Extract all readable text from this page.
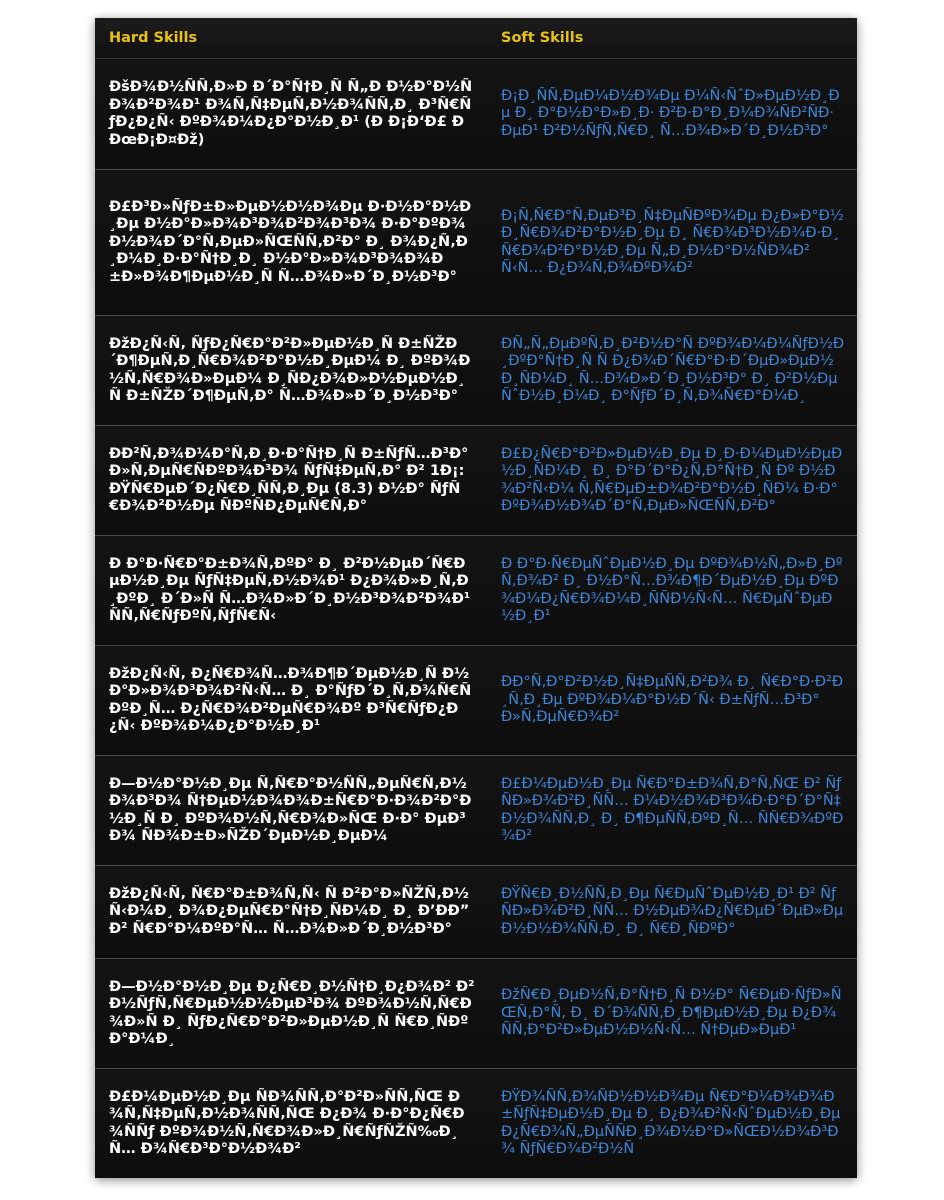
Hard Skills	Soft Skills
ÐšÐ¾Ð½ÑÑ‚Ð»Ð Ð´Ð°Ñ†Ð¸Ñ Ñ„Ð Ð½Ð°Ð½ÑÐ¾Ð²Ð¾Ð¹ Ð¾Ñ‚Ñ‡ÐµÑ‚Ð½Ð¾ÑÑ‚Ð¸ Ð³Ñ€ÑƒÐ¿Ð¿Ñ‹ ÐºÐ¾Ð¼Ð¿Ð°Ð½Ð¸Ð¹ (Ð Ð¡Ð‘Ð£ Ð ÐœÐ¡Ð¤Ðž)	Ð¡Ð¸ÑÑ‚ÐµÐ¼Ð½Ð¾Ðµ Ð¼Ñ‹ÑˆÐ»ÐµÐ½Ð¸Ðµ Ð¸ Ð°Ð½Ð°Ð»Ð¸Ð· Ð²Ð·Ð°Ð¸Ð¼Ð¾ÑÐ²ÑÐ·ÐµÐ¹ Ð²Ð½ÑƒÑ‚Ñ€Ð¸ Ñ…Ð¾Ð»Ð´Ð¸Ð½Ð³Ð°
Ð£Ð³Ð»ÑƒÐ±Ð»ÐµÐ½Ð½Ð¾Ðµ Ð·Ð½Ð°Ð½Ð¸Ðµ Ð½Ð°Ð»Ð¾Ð³Ð¾Ð²Ð¾Ð³Ð¾ Ð·Ð°ÐºÐ¾Ð½Ð¾Ð´Ð°Ñ‚ÐµÐ»ÑŒÑÑ‚Ð²Ð° Ð¸ Ð¾Ð¿Ñ‚Ð¸Ð¼Ð¸Ð·Ð°Ñ†Ð¸Ð¸ Ð½Ð°Ð»Ð¾Ð³Ð¾Ð¾Ð±Ð»Ð¾Ð¶ÐµÐ½Ð¸Ñ Ñ…Ð¾Ð»Ð´Ð¸Ð½Ð³Ð°	Ð¡Ñ‚Ñ€Ð°Ñ‚ÐµÐ³Ð¸Ñ‡ÐµÑÐºÐ¾Ðµ Ð¿Ð»Ð°Ð½Ð¸Ñ€Ð¾Ð²Ð°Ð½Ð¸Ðµ Ð¸ Ñ€Ð¾Ð³Ð½Ð¾Ð·Ð¸Ñ€Ð¾Ð²Ð°Ð½Ð¸Ðµ Ñ„Ð¸Ð½Ð°Ð½ÑÐ¾Ð²Ñ‹Ñ… Ð¿Ð¾Ñ‚Ð¾ÐºÐ¾Ð²
ÐžÐ¿Ñ‹Ñ‚ ÑƒÐ¿Ñ€Ð°Ð²Ð»ÐµÐ½Ð¸Ñ Ð±ÑŽÐ´Ð¶ÐµÑ‚Ð¸Ñ€Ð¾Ð²Ð°Ð½Ð¸ÐµÐ¼ Ð¸ ÐºÐ¾Ð½Ñ‚Ñ€Ð¾Ð»ÐµÐ¼ Ð¸ÑÐ¿Ð¾Ð»Ð½ÐµÐ½Ð¸Ñ Ð±ÑŽÐ´Ð¶ÐµÑ‚Ð° Ñ…Ð¾Ð»Ð´Ð¸Ð½Ð³Ð°	ÐÑ„Ñ„ÐµÐºÑ‚Ð¸Ð²Ð½Ð°Ñ ÐºÐ¾Ð¼Ð¼ÑƒÐ½Ð¸ÐºÐ°Ñ†Ð¸Ñ Ñ Ð¿Ð¾Ð´Ñ€Ð°Ð·Ð´ÐµÐ»ÐµÐ½Ð¸ÑÐ¼Ð¸ Ñ…Ð¾Ð»Ð´Ð¸Ð½Ð³Ð° Ð¸ Ð²Ð½ÐµÑˆÐ½Ð¸Ð¼Ð¸ Ð°ÑƒÐ´Ð¸Ñ‚Ð¾Ñ€Ð°Ð¼Ð¸
ÐÐ²Ñ‚Ð¾Ð¼Ð°Ñ‚Ð¸Ð·Ð°Ñ†Ð¸Ñ Ð±ÑƒÑ…Ð³Ð°Ð»Ñ‚ÐµÑ€ÑÐºÐ¾Ð³Ð¾ ÑƒÑ‡ÐµÑ‚Ð° Ð² 1Ð¡:ÐŸÑ€ÐµÐ´Ð¿Ñ€Ð¸ÑÑ‚Ð¸Ðµ (8.3) Ð½Ð° ÑƒÑ€Ð¾Ð²Ð½Ðµ ÑÐºÑÐ¿ÐµÑ€Ñ‚Ð°	Ð£Ð¿Ñ€Ð°Ð²Ð»ÐµÐ½Ð¸Ðµ Ð¸Ð·Ð¼ÐµÐ½ÐµÐ½Ð¸ÑÐ¼Ð¸ Ð¸ Ð°Ð´Ð°Ð¿Ñ‚Ð°Ñ†Ð¸Ñ Ðº Ð½Ð¾Ð²Ñ‹Ð¼ Ñ‚Ñ€ÐµÐ±Ð¾Ð²Ð°Ð½Ð¸ÑÐ¼ Ð·Ð°ÐºÐ¾Ð½Ð¾Ð´Ð°Ñ‚ÐµÐ»ÑŒÑÑ‚Ð²Ð°
Ð Ð°Ð·Ñ€Ð°Ð±Ð¾Ñ‚ÐºÐ° Ð¸ Ð²Ð½ÐµÐ´Ñ€ÐµÐ½Ð¸Ðµ ÑƒÑ‡ÐµÑ‚Ð½Ð¾Ð¹ Ð¿Ð¾Ð»Ð¸Ñ‚Ð¸ÐºÐ¸ Ð´Ð»Ñ Ñ…Ð¾Ð»Ð´Ð¸Ð½Ð³Ð¾Ð²Ð¾Ð¹ ÑÑ‚Ñ€ÑƒÐºÑ‚ÑƒÑ€Ñ‹	Ð Ð°Ð·Ñ€ÐµÑˆÐµÐ½Ð¸Ðµ ÐºÐ¾Ð½Ñ„Ð»Ð¸ÐºÑ‚Ð¾Ð² Ð¸ Ð½Ð°Ñ…Ð¾Ð¶Ð´ÐµÐ½Ð¸Ðµ ÐºÐ¾Ð¼Ð¿Ñ€Ð¾Ð¼Ð¸ÑÑÐ½Ñ‹Ñ… Ñ€ÐµÑˆÐµÐ½Ð¸Ð¹
ÐžÐ¿Ñ‹Ñ‚ Ð¿Ñ€Ð¾Ñ…Ð¾Ð¶Ð´ÐµÐ½Ð¸Ñ Ð½Ð°Ð»Ð¾Ð³Ð¾Ð²Ñ‹Ñ… Ð¸ Ð°ÑƒÐ´Ð¸Ñ‚Ð¾Ñ€ÑÐºÐ¸Ñ… Ð¿Ñ€Ð¾Ð²ÐµÑ€Ð¾Ðº Ð³Ñ€ÑƒÐ¿Ð¿Ñ‹ ÐºÐ¾Ð¼Ð¿Ð°Ð½Ð¸Ð¹	ÐÐ°Ñ‚Ð°Ð²Ð½Ð¸Ñ‡ÐµÑÑ‚Ð²Ð¾ Ð¸ Ñ€Ð°Ð·Ð²Ð¸Ñ‚Ð¸Ðµ ÐºÐ¾Ð¼Ð°Ð½Ð´Ñ‹ Ð±ÑƒÑ…Ð³Ð°Ð»Ñ‚ÐµÑ€Ð¾Ð²
Ð—Ð½Ð°Ð½Ð¸Ðµ Ñ‚Ñ€Ð°Ð½ÑÑ„ÐµÑ€Ñ‚Ð½Ð¾Ð³Ð¾ Ñ†ÐµÐ½Ð¾Ð¾Ð±Ñ€Ð°Ð·Ð¾Ð²Ð°Ð½Ð¸Ñ Ð¸ ÐºÐ¾Ð½Ñ‚Ñ€Ð¾Ð»ÑŒ Ð·Ð° ÐµÐ³Ð¾ ÑÐ¾Ð±Ð»ÑŽÐ´ÐµÐ½Ð¸ÐµÐ¼	Ð£Ð¼ÐµÐ½Ð¸Ðµ Ñ€Ð°Ð±Ð¾Ñ‚Ð°Ñ‚ÑŒ Ð² ÑƒÑÐ»Ð¾Ð²Ð¸ÑÑ… Ð¼Ð½Ð¾Ð³Ð¾Ð·Ð°Ð´Ð°Ñ‡Ð½Ð¾ÑÑ‚Ð¸ Ð¸ Ð¶ÐµÑÑ‚ÐºÐ¸Ñ… ÑÑ€Ð¾ÐºÐ¾Ð²
ÐžÐ¿Ñ‹Ñ‚ Ñ€Ð°Ð±Ð¾Ñ‚Ñ‹ Ñ Ð²Ð°Ð»ÑŽÑ‚Ð½Ñ‹Ð¼Ð¸ Ð¾Ð¿ÐµÑ€Ð°Ñ†Ð¸ÑÐ¼Ð¸ Ð¸ Ð’ÐÐ” Ð² Ñ€Ð°Ð¼ÐºÐ°Ñ… Ñ…Ð¾Ð»Ð´Ð¸Ð½Ð³Ð°	ÐŸÑ€Ð¸Ð½ÑÑ‚Ð¸Ðµ Ñ€ÐµÑˆÐµÐ½Ð¸Ð¹ Ð² ÑƒÑÐ»Ð¾Ð²Ð¸ÑÑ… Ð½ÐµÐ¾Ð¿Ñ€ÐµÐ´ÐµÐ»ÐµÐ½Ð½Ð¾ÑÑ‚Ð¸ Ð¸ Ñ€Ð¸ÑÐºÐ°
Ð—Ð½Ð°Ð½Ð¸Ðµ Ð¿Ñ€Ð¸Ð½Ñ†Ð¸Ð¿Ð¾Ð² Ð²Ð½ÑƒÑ‚Ñ€ÐµÐ½Ð½ÐµÐ³Ð¾ ÐºÐ¾Ð½Ñ‚Ñ€Ð¾Ð»Ñ Ð¸ ÑƒÐ¿Ñ€Ð°Ð²Ð»ÐµÐ½Ð¸Ñ Ñ€Ð¸ÑÐºÐ°Ð¼Ð¸	ÐžÑ€Ð¸ÐµÐ½Ñ‚Ð°Ñ†Ð¸Ñ Ð½Ð° Ñ€ÐµÐ·ÑƒÐ»ÑŒÑ‚Ð°Ñ‚ Ð¸ Ð´Ð¾ÑÑ‚Ð¸Ð¶ÐµÐ½Ð¸Ðµ Ð¿Ð¾ÑÑ‚Ð°Ð²Ð»ÐµÐ½Ð½Ñ‹Ñ… Ñ†ÐµÐ»ÐµÐ¹
Ð£Ð¼ÐµÐ½Ð¸Ðµ ÑÐ¾ÑÑ‚Ð°Ð²Ð»ÑÑ‚ÑŒ Ð¾Ñ‚Ñ‡ÐµÑ‚Ð½Ð¾ÑÑ‚ÑŒ Ð¿Ð¾ Ð·Ð°Ð¿Ñ€Ð¾ÑÑƒ ÐºÐ¾Ð½Ñ‚Ñ€Ð¾Ð»Ð¸Ñ€ÑƒÑŽÑ‰Ð¸Ñ… Ð¾Ñ€Ð³Ð°Ð½Ð¾Ð²	ÐŸÐ¾ÑÑ‚Ð¾ÑÐ½Ð½Ð¾Ðµ Ñ€Ð°Ð¼Ð¾Ð¾Ð±ÑƒÑ‡ÐµÐ½Ð¸Ðµ Ð¸ Ð¿Ð¾Ð²Ñ‹ÑˆÐµÐ½Ð¸Ðµ Ð¿Ñ€Ð¾Ñ„ÐµÑÑÐ¸Ð¾Ð½Ð°Ð»ÑŒÐ½Ð¾Ð³Ð¾ ÑƒÑ€Ð¾Ð²Ð½Ñ
